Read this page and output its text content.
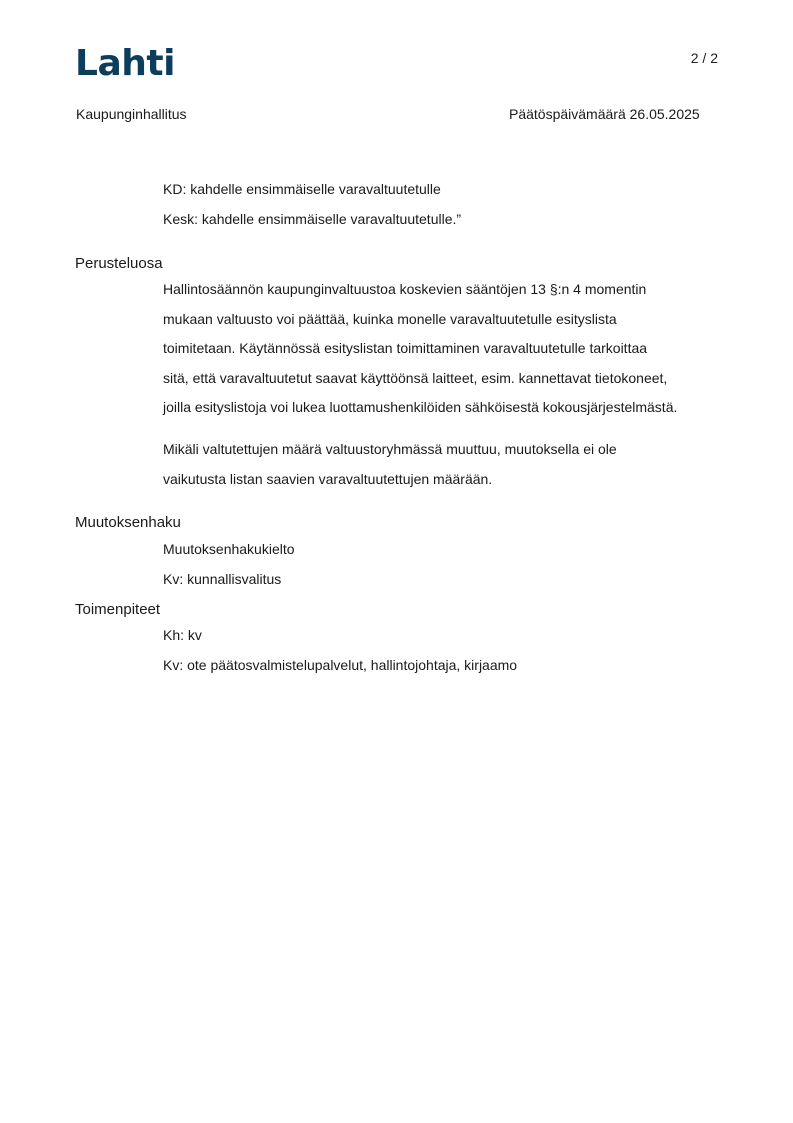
Lahti	2 / 2
Kaupunginhallitus	Päätöspäivämäärä 26.05.2025
KD: kahdelle ensimmäiselle varavaltuutetulle
Kesk: kahdelle ensimmäiselle varavaltuutetulle.”
Perusteluosa
Hallintosäännön kaupunginvaltuustoa koskevien sääntöjen 13 §:n 4 momentin
mukaan valtuusto voi päättää, kuinka monelle varavaltuutetulle esityslista
toimitetaan. Käytännössä esityslistan toimittaminen varavaltuutetulle tarkoittaa
sitä, että varavaltuutetut saavat käyttöönsä laitteet, esim. kannettavat tietokoneet,
joilla esityslistoja voi lukea luottamushenkilöiden sähköisestä kokousjärjestelmästä.
Mikäli valtutettujen määrä valtuustoryhmässä muuttuu, muutoksella ei ole
vaikutusta listan saavien varavaltuutettujen määrään.
Muutoksenhaku
Muutoksenhakukielto
Kv: kunnallisvalitus
Toimenpiteet
Kh: kv
Kv: ote päätosvalmistelupalvelut, hallintojohtaja, kirjaamo
